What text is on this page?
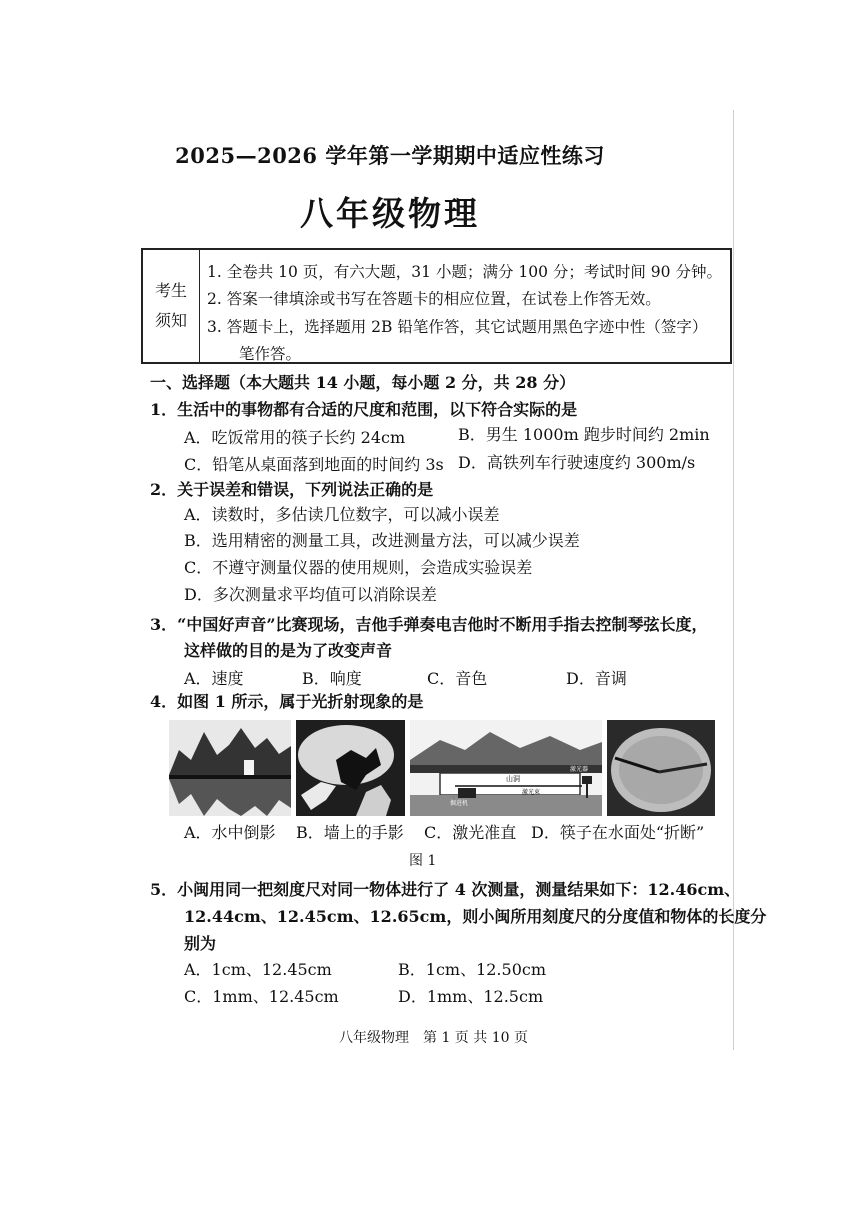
2025—2026 学年第一学期期中适应性练习
八年级物理
考生
须知
1. 全卷共 10 页，有六大题，31 小题；满分 100 分；考试时间 90 分钟。
2. 答案一律填涂或书写在答题卡的相应位置，在试卷上作答无效。
3. 答题卡上，选择题用 2B 铅笔作答，其它试题用黑色字迹中性（签字）
笔作答。
一、选择题（本大题共 14 小题，每小题 2 分，共 28 分）
1．生活中的事物都有合适的尺度和范围，以下符合实际的是
A．吃饭常用的筷子长约 24cm	B．男生 1000m 跑步时间约 2min
C．铅笔从桌面落到地面的时间约 3s D．高铁列车行驶速度约 300m/s
2．关于误差和错误，下列说法正确的是
A．读数时，多估读几位数字，可以减小误差
B．选用精密的测量工具，改进测量方法，可以减少误差
C．不遵守测量仪器的使用规则，会造成实验误差
D．多次测量求平均值可以消除误差
3．“中国好声音”比赛现场，吉他手弹奏电吉他时不断用手指去控制琴弦长度，
这样做的目的是为了改变声音
A．速度	B．响度	C．音色	D．音调
4．如图 1 所示，属于光折射现象的是
山洞
激光器
掘进机
激光束
A．水中倒影 B．墙上的手影 C．激光准直 D．筷子在水面处“折断”
图 1
5．小闽用同一把刻度尺对同一物体进行了 4 次测量，测量结果如下：12.46cm、
12.44cm、12.45cm、12.65cm，则小闽所用刻度尺的分度值和物体的长度分
别为
A．1cm、12.45cm	B．1cm、12.50cm
C．1mm、12.45cm	D．1mm、12.5cm
八年级物理　第 1 页 共 10 页
